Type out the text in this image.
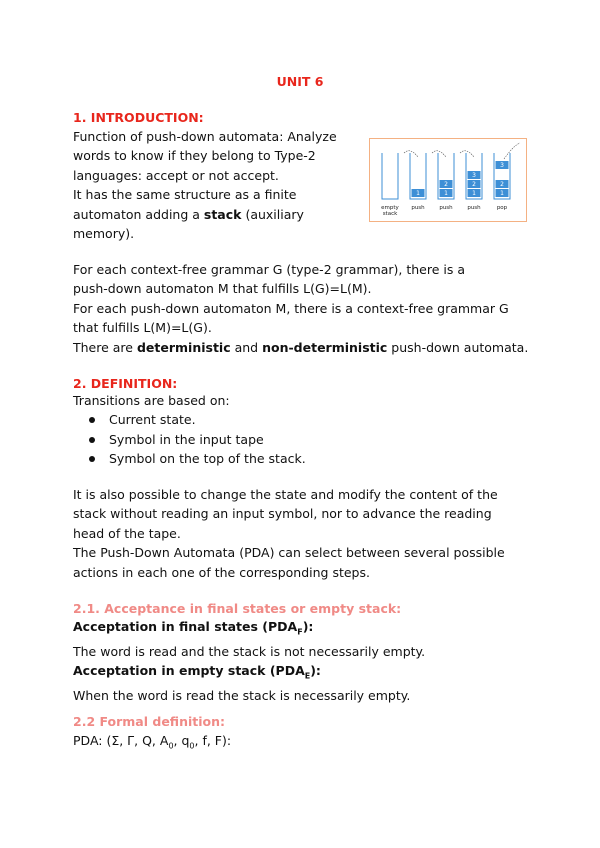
UNIT 6
1. INTRODUCTION:
Function of push-down automata: Analyze
words to know if they belong to Type-2
languages: accept or not accept.
It has the same structure as a finite
automaton adding a stack (auxiliary
memory).
1
2
1
3
2
1
2
1
3
empty
stack
push	push	push	pop
For each context-free grammar G (type-2 grammar), there is a
push-down automaton M that fulfills L(G)=L(M).
For each push-down automaton M, there is a context-free grammar G
that fulfills L(M)=L(G).
There are deterministic and non-deterministic push-down automata.
2. DEFINITION:
Transitions are based on:
Current state.
Symbol in the input tape
Symbol on the top of the stack.
It is also possible to change the state and modify the content of the
stack without reading an input symbol, nor to advance the reading
head of the tape.
The Push-Down Automata (PDA) can select between several possible
actions in each one of the corresponding steps.
2.1. Acceptance in final states or empty stack:
Acceptation in final states $(PDA_F)$:
The word is read and the stack is not necessarily empty.
Acceptation in empty stack $(PDA_E)$:
When the word is read the stack is necessarily empty.
2.2 Formal definition:
PDA: (Σ, Γ, Q, $A_0$, $q_0$, f, F):
